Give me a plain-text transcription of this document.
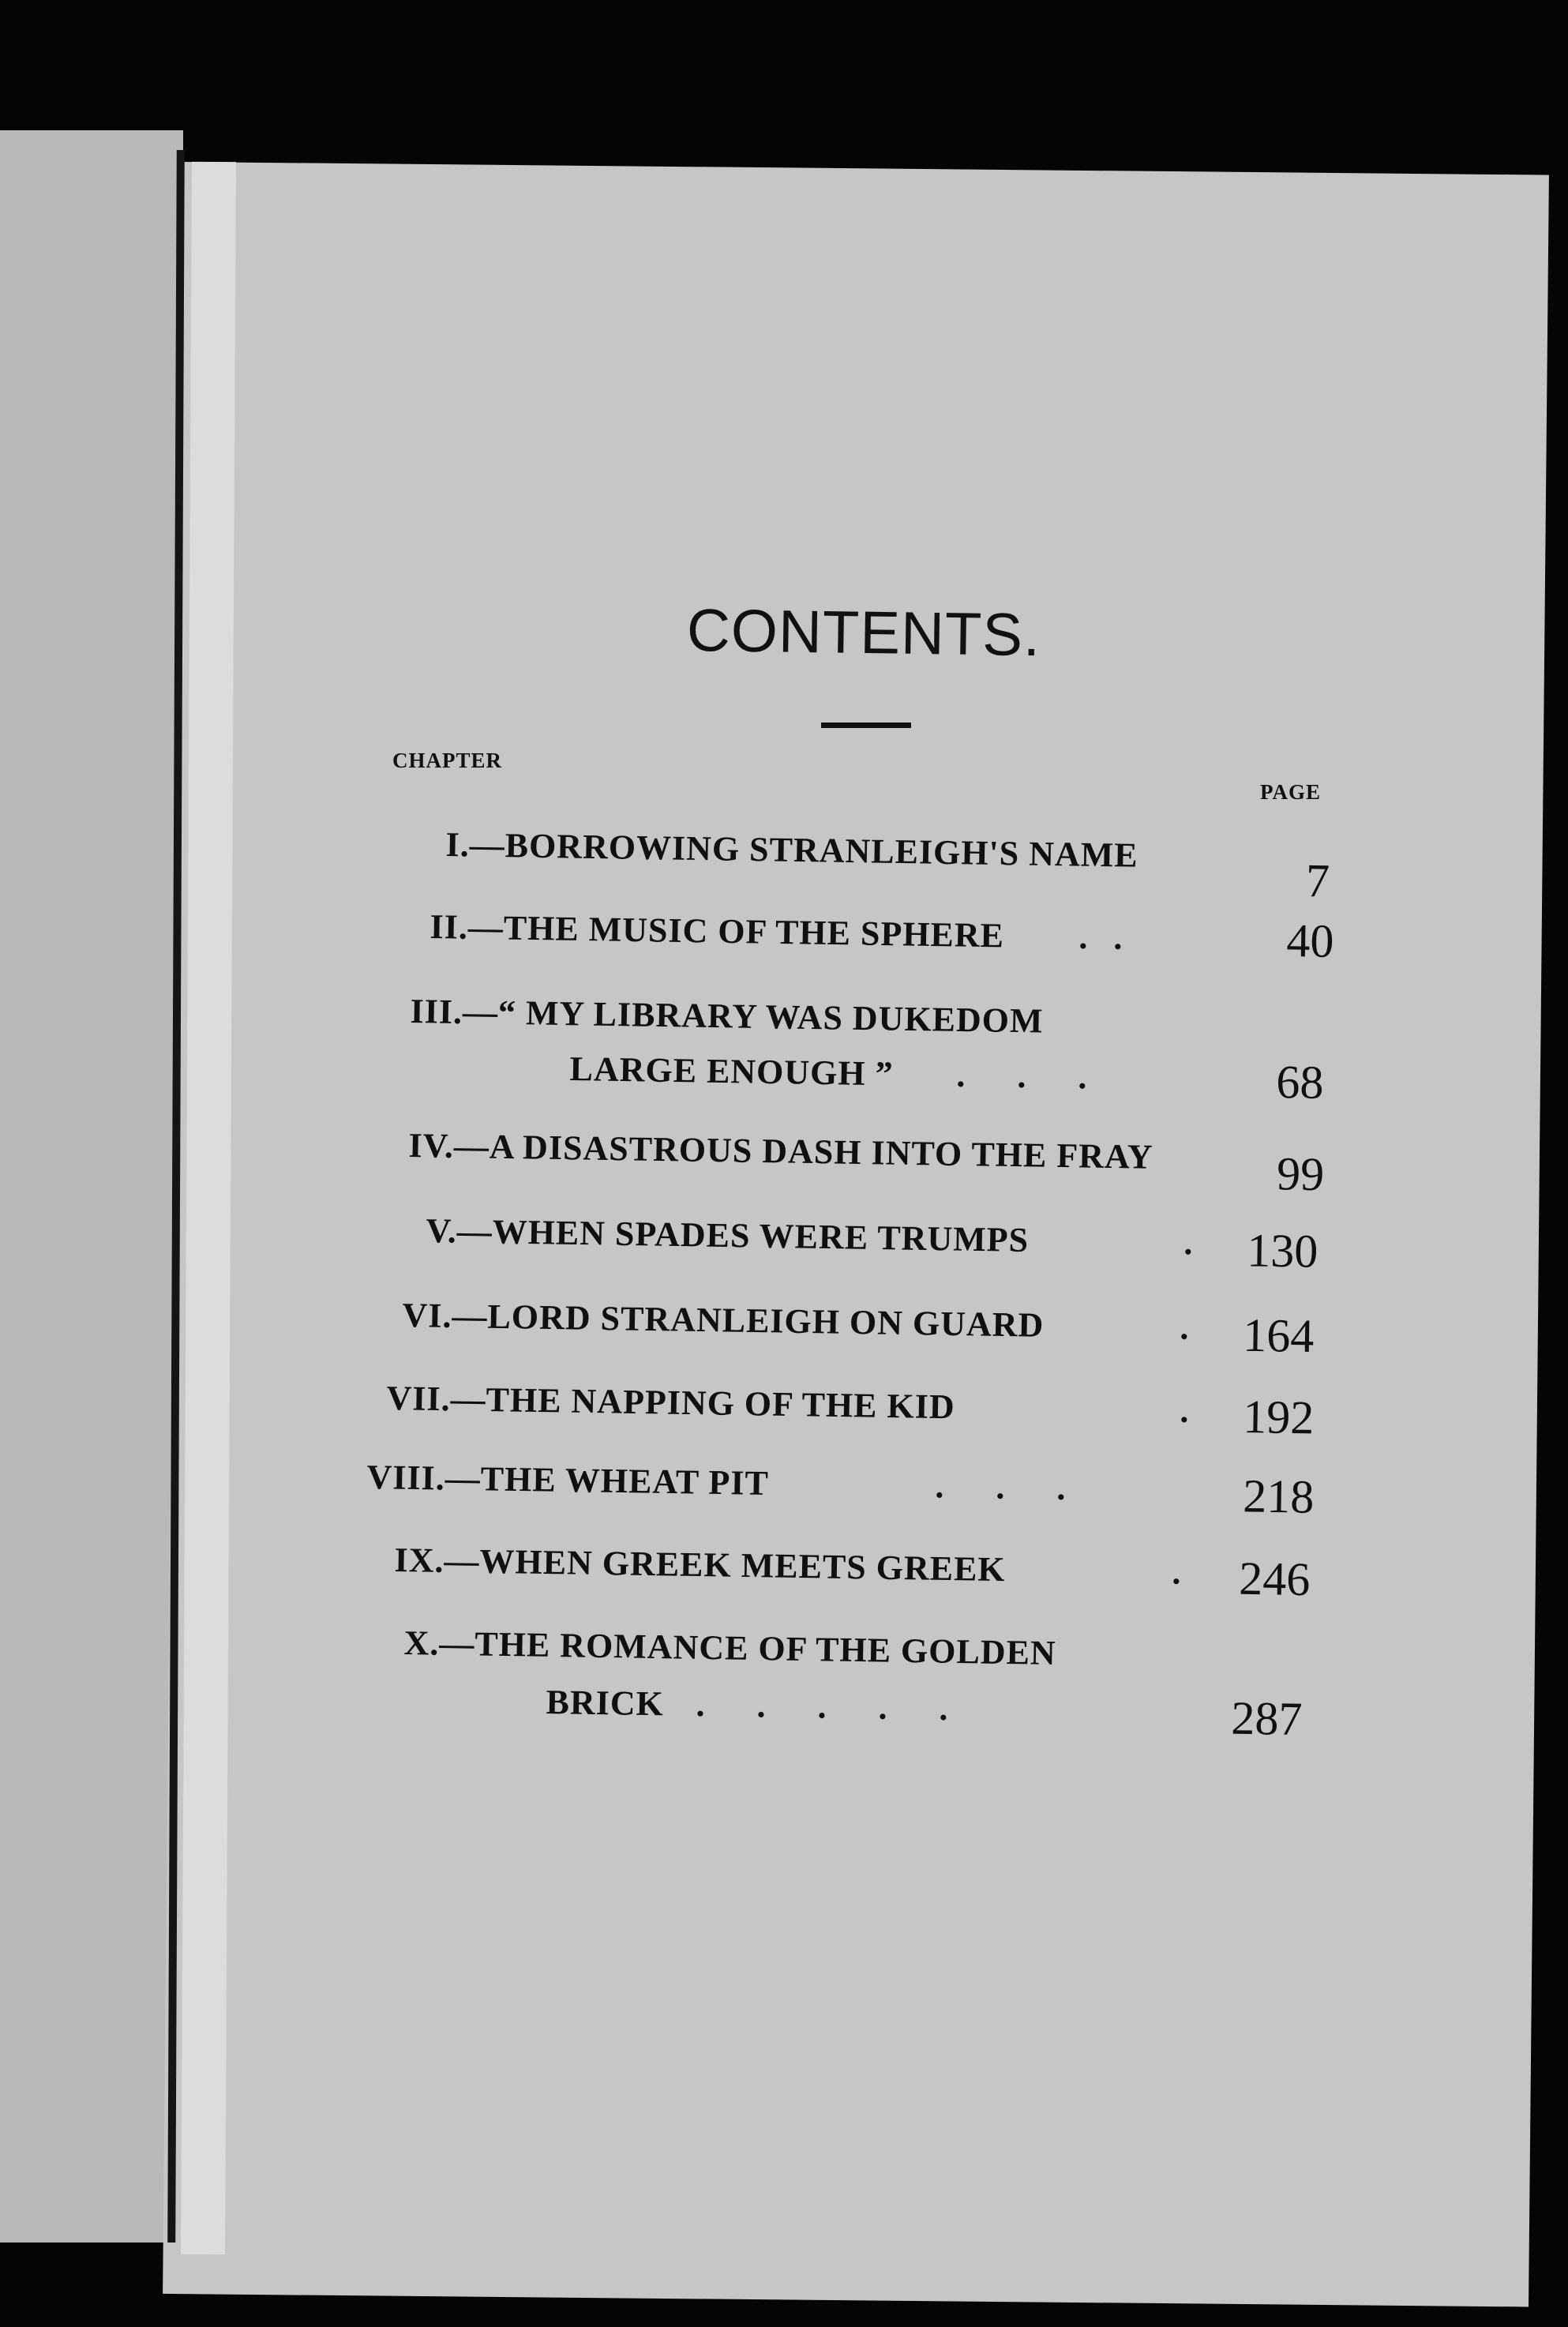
CONTENTS.
CHAPTER
PAGE
I.—BORROWING STRANLEIGH'S NAME
7
II.—THE MUSIC OF THE SPHERE .   .	40
III.—“ MY LIBRARY WAS DUKEDOM
LARGE ENOUGH ” .      .      .	68
IV.—A DISASTROUS DASH INTO THE FRAY	99
V.—WHEN SPADES WERE TRUMPS	. 130
VI.—LORD STRANLEIGH ON GUARD	. 164
VII.—THE NAPPING OF THE KID	. 192
VIII.—THE WHEAT PIT	.      .      .	218
IX.—WHEN GREEK MEETS GREEK	. 246
X.—THE ROMANCE OF THE GOLDEN
BRICK .      .      .      .      .	287
